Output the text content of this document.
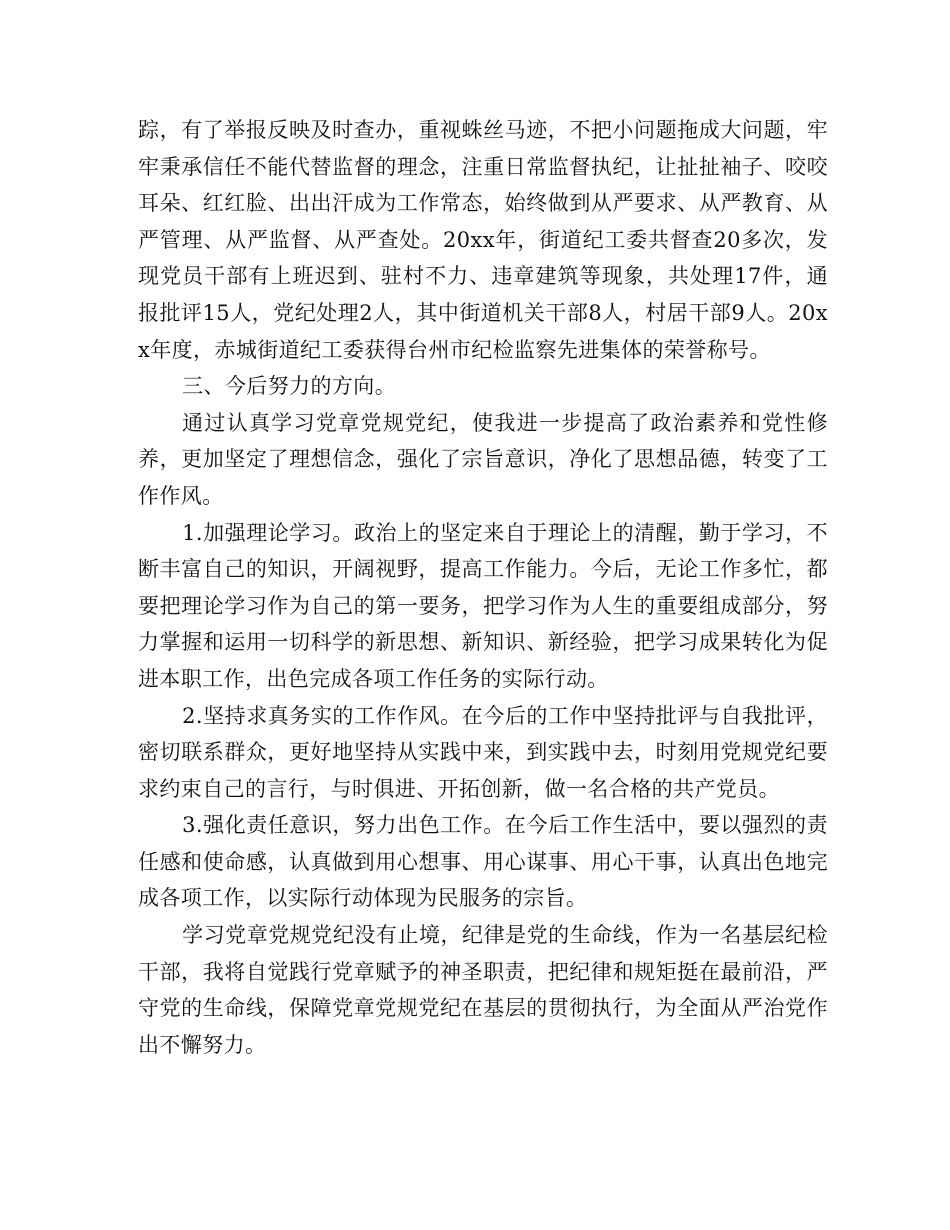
踪，有了举报反映及时查办，重视蛛丝马迹，不把小问题拖成大问题，牢牢秉承信任不能代替监督的理念，注重日常监督执纪，让扯扯袖子、咬咬耳朵、红红脸、出出汗成为工作常态，始终做到从严要求、从严教育、从严管理、从严监督、从严查处。20xx年，街道纪工委共督查20多次，发现党员干部有上班迟到、驻村不力、违章建筑等现象，共处理17件，通报批评15人，党纪处理2人，其中街道机关干部8人，村居干部9人。20xx年度，赤城街道纪工委获得台州市纪检监察先进集体的荣誉称号。

三、今后努力的方向。

通过认真学习党章党规党纪，使我进一步提高了政治素养和党性修养，更加坚定了理想信念，强化了宗旨意识，净化了思想品德，转变了工作作风。

1.加强理论学习。政治上的坚定来自于理论上的清醒，勤于学习，不断丰富自己的知识，开阔视野，提高工作能力。今后，无论工作多忙，都要把理论学习作为自己的第一要务，把学习作为人生的重要组成部分，努力掌握和运用一切科学的新思想、新知识、新经验，把学习成果转化为促进本职工作，出色完成各项工作任务的实际行动。

2.坚持求真务实的工作作风。在今后的工作中坚持批评与自我批评，密切联系群众，更好地坚持从实践中来，到实践中去，时刻用党规党纪要求约束自己的言行，与时俱进、开拓创新，做一名合格的共产党员。

3.强化责任意识，努力出色工作。在今后工作生活中，要以强烈的责任感和使命感，认真做到用心想事、用心谋事、用心干事，认真出色地完成各项工作，以实际行动体现为民服务的宗旨。

学习党章党规党纪没有止境，纪律是党的生命线，作为一名基层纪检干部，我将自觉践行党章赋予的神圣职责，把纪律和规矩挺在最前沿，严守党的生命线，保障党章党规党纪在基层的贯彻执行，为全面从严治党作出不懈努力。
